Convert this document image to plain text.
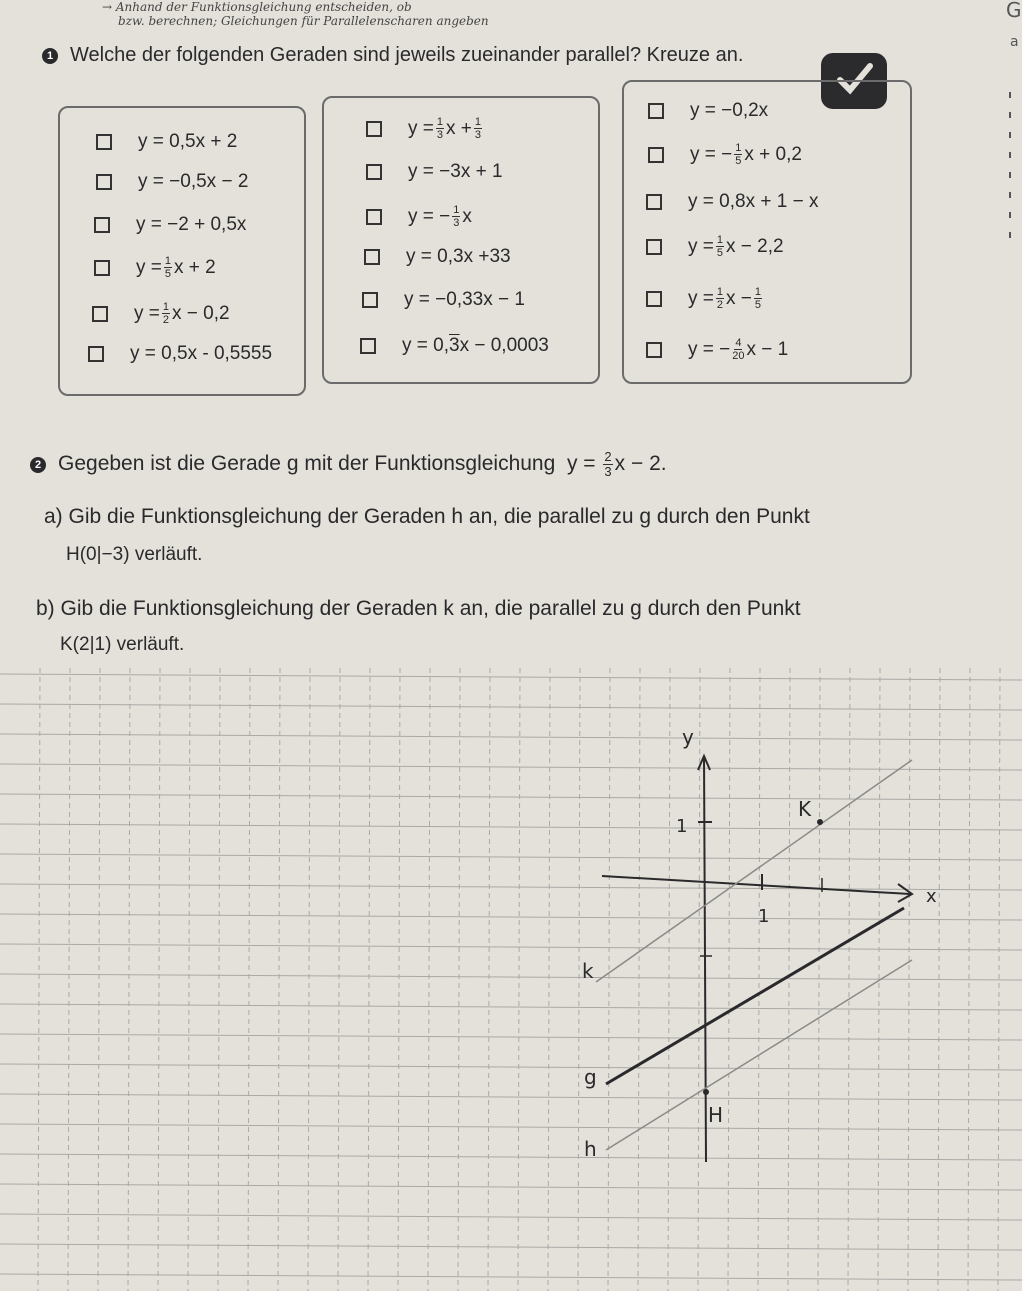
→ Anhand der Funktionsgleichung entscheiden, ob
bzw. berechnen; Gleichungen für Parallelenscharen angeben	G
a
1 Welche der folgenden Geraden sind jeweils zueinander parallel? Kreuze an.
y = 0,5x + 2
y = −0,5x − 2
y = −2 + 0,5x
$y = \frac{1}{5}$ x + 2
$y = \frac{1}{2}$ x − 0,2
y = 0,5x - 0,5555
$y = \frac{1}{3}$ $x + \frac{1}{3}$
y = −3x + 1
y = − $\frac{1}{3}$ x
y = 0,3x +33
y = −0,33x − 1
y = 0, 3 x − 0,0003
y = −0,2x
y = − $\frac{1}{5}$ x + 0,2
y = 0,8x + 1 − x
$y = \frac{1}{5}$ x − 2,2
$y = \frac{1}{2}$ $x - \frac{1}{5}$
y = − $\frac{4}{20}$ x − 1
2 Gegeben ist die Gerade g mit der Funktionsgleichung $y = \frac{2}{3}$ x − 2.
a) Gib die Funktionsgleichung der Geraden h an, die parallel zu g durch den Punkt
H(0|−3) verläuft.
b) Gib die Funktionsgleichung der Geraden k an, die parallel zu g durch den Punkt
K(2|1) verläuft.
y
x
1
1
K
k
g
H
h
